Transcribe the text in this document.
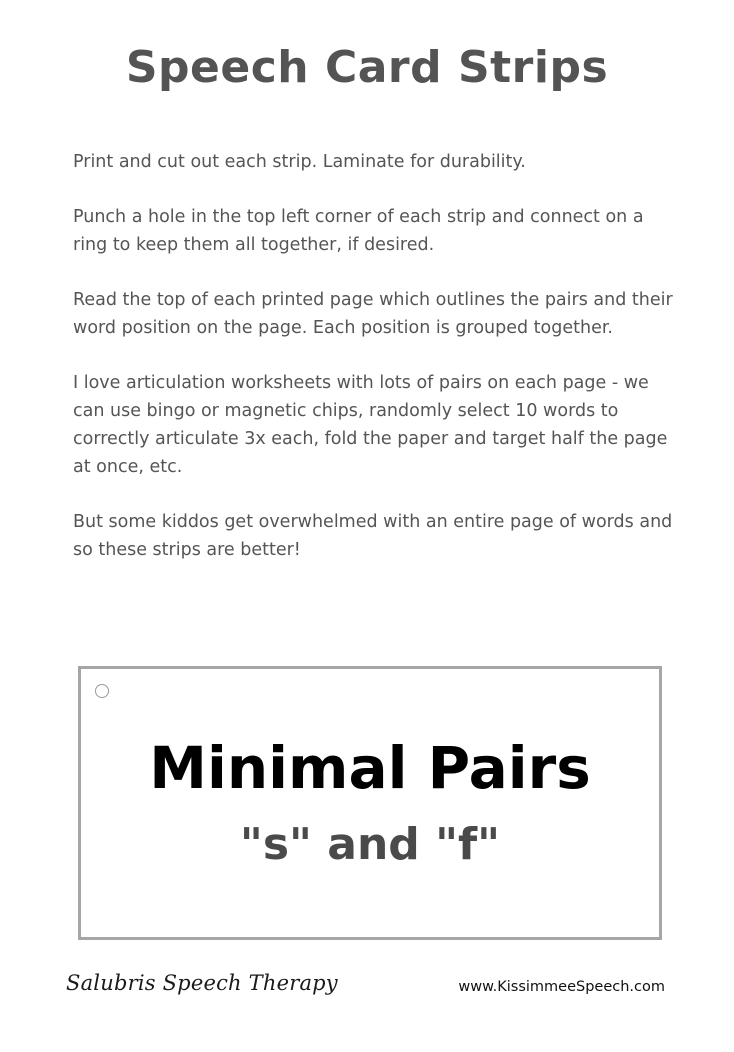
Speech Card Strips

Print and cut out each strip. Laminate for durability.

Punch a hole in the top left corner of each strip and connect on a ring to keep them all together, if desired.

Read the top of each printed page which outlines the pairs and their word position on the page. Each position is grouped together.

I love articulation worksheets with lots of pairs on each page - we can use bingo or magnetic chips, randomly select 10 words to correctly articulate 3x each, fold the paper and target half the page at once, etc.

But some kiddos get overwhelmed with an entire page of words and so these strips are better!

Minimal Pairs
"s" and "f"
Salubris Speech Therapy	www.KissimmeeSpeech.com
